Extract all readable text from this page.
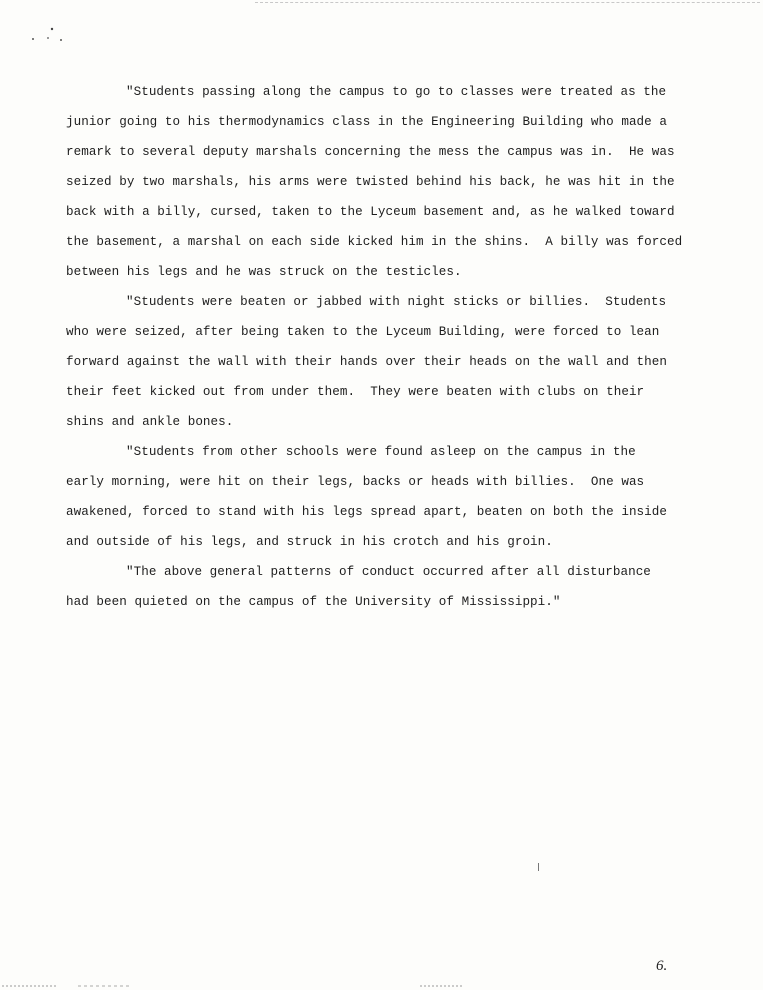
"Students passing along the campus to go to classes were treated as the
junior going to his thermodynamics class in the Engineering Building who made a
remark to several deputy marshals concerning the mess the campus was in.  He was
seized by two marshals, his arms were twisted behind his back, he was hit in the
back with a billy, cursed, taken to the Lyceum basement and, as he walked toward
the basement, a marshal on each side kicked him in the shins.  A billy was forced
between his legs and he was struck on the testicles.
"Students were beaten or jabbed with night sticks or billies.  Students
who were seized, after being taken to the Lyceum Building, were forced to lean
forward against the wall with their hands over their heads on the wall and then
their feet kicked out from under them.  They were beaten with clubs on their
shins and ankle bones.
"Students from other schools were found asleep on the campus in the
early morning, were hit on their legs, backs or heads with billies.  One was
awakened, forced to stand with his legs spread apart, beaten on both the inside
and outside of his legs, and struck in his crotch and his groin.
"The above general patterns of conduct occurred after all disturbance
had been quieted on the campus of the University of Mississippi."
6.
